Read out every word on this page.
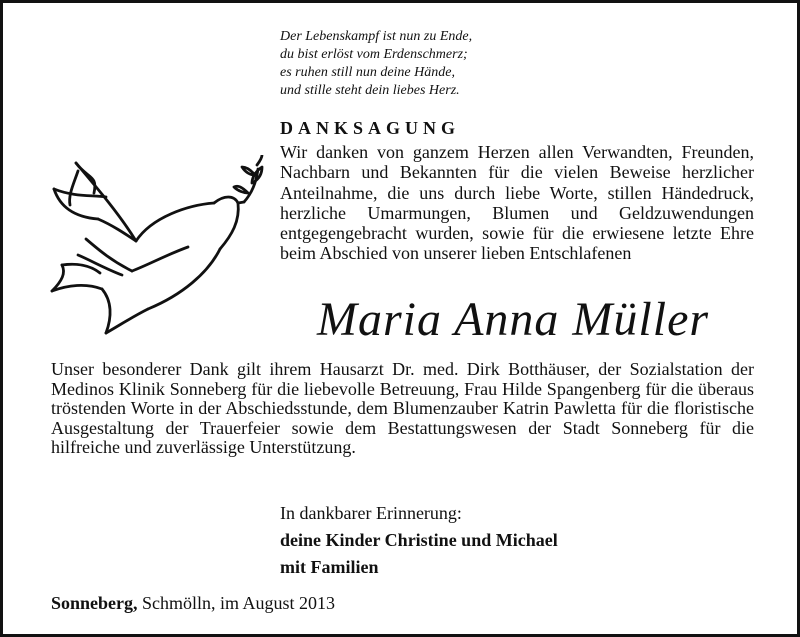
Der Lebenskampf ist nun zu Ende,
du bist erlöst vom Erdenschmerz;
es ruhen still nun deine Hände,
und stille steht dein liebes Herz.
DANKSAGUNG
Wir danken von ganzem Herzen allen Verwandten, Freunden, Nachbarn und Bekannten für die vielen Beweise herzlicher Anteilnahme, die uns durch liebe Worte, stillen Händedruck, herzliche Umarmungen, Blumen und Geldzuwendungen entgegengebracht wurden, sowie für die erwiesene letzte Ehre beim Abschied von unserer lieben Entschlafenen
Maria Anna Müller
Unser besonderer Dank gilt ihrem Hausarzt Dr. med. Dirk Botthäuser, der Sozialstation der Medinos Klinik Sonneberg für die liebevolle Betreuung, Frau Hilde Spangenberg für die überaus tröstenden Worte in der Abschiedsstunde, dem Blumenzauber Katrin Pawletta für die floristische Ausgestaltung der Trauerfeier sowie dem Bestattungswesen der Stadt Sonneberg für die hilfreiche und zuverlässige Unterstützung.
In dankbarer Erinnerung:
deine Kinder Christine und Michael
mit Familien
Sonneberg, Schmölln, im August 2013
